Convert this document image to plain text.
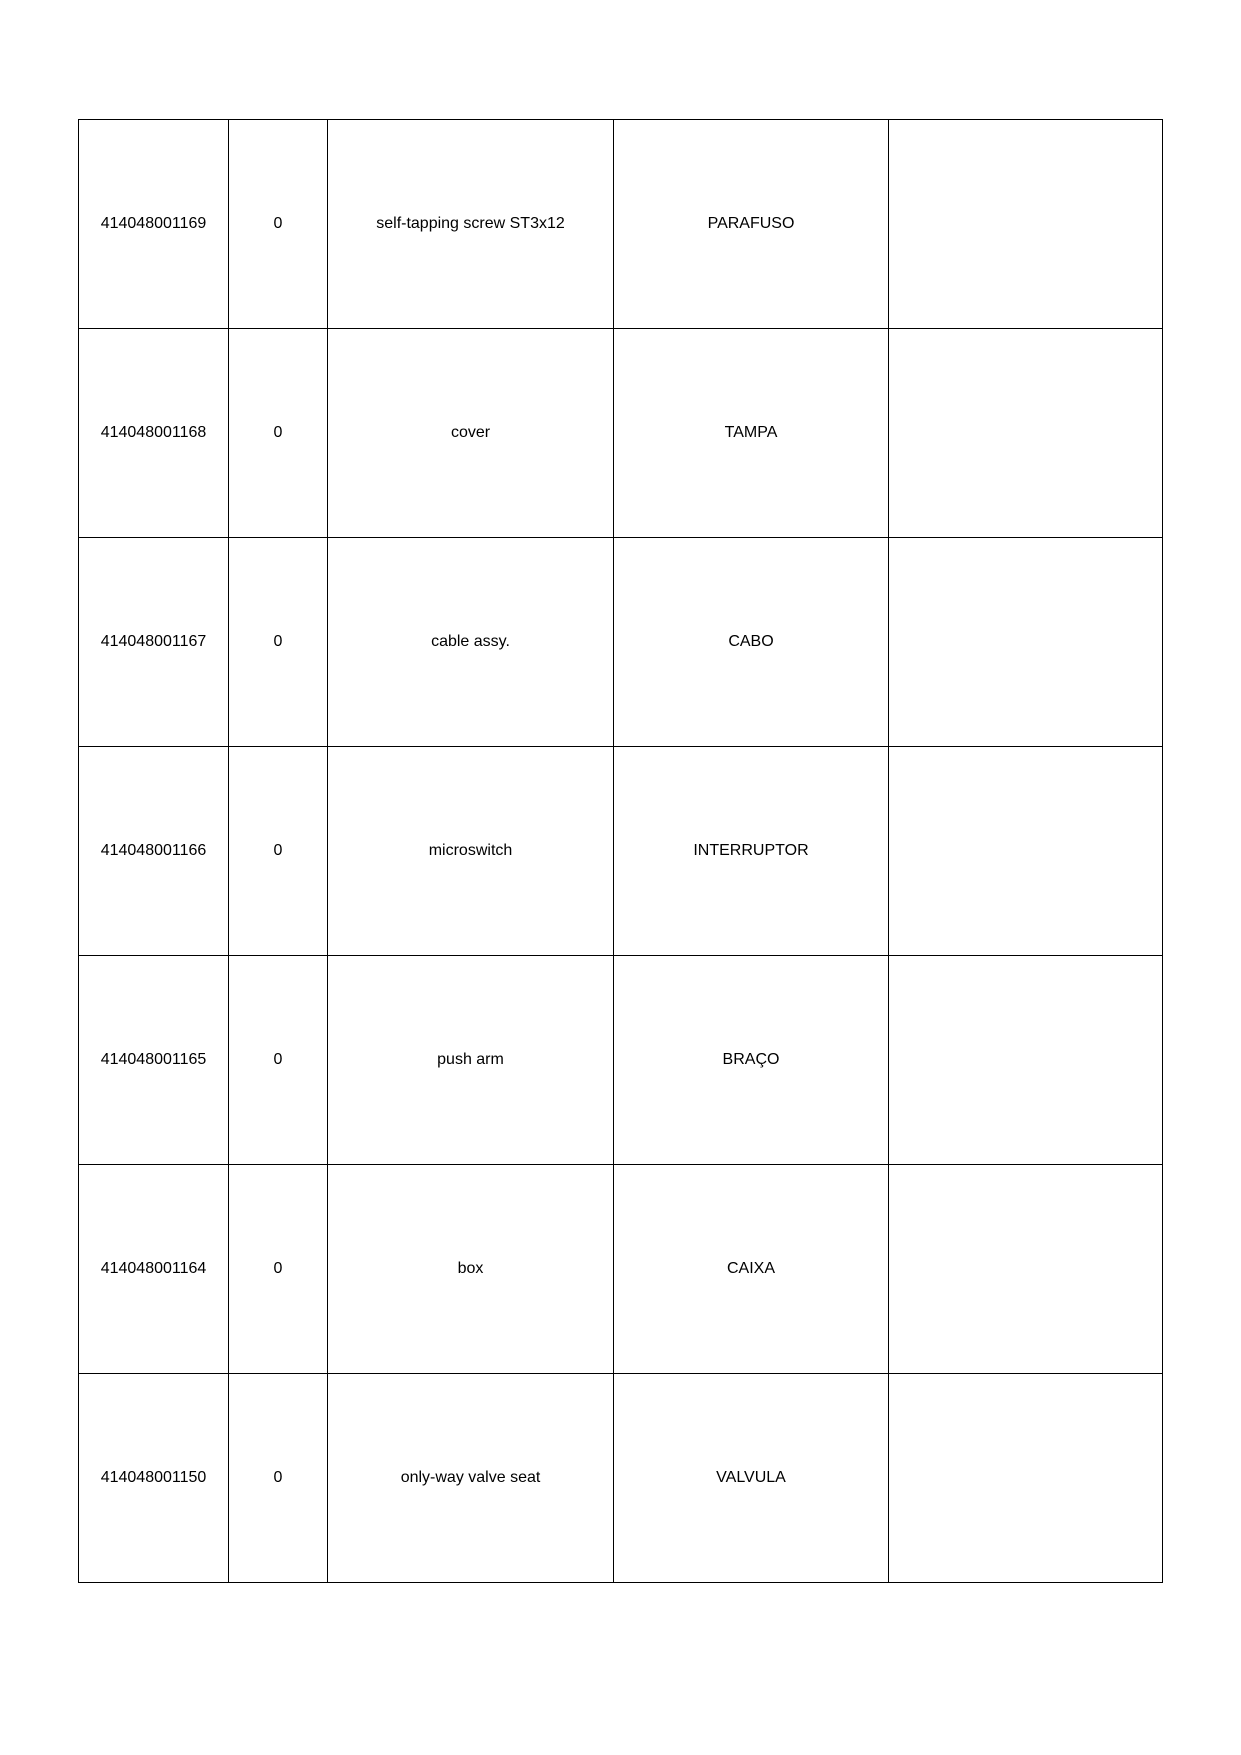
414048001169	0	self-tapping screw ST3x12	PARAFUSO	
414048001168	0	cover	TAMPA	
414048001167	0	cable assy.	CABO	
414048001166	0	microswitch	INTERRUPTOR	
414048001165	0	push arm	BRAÇO	
414048001164	0	box	CAIXA	
414048001150	0	only-way valve seat	VALVULA	
